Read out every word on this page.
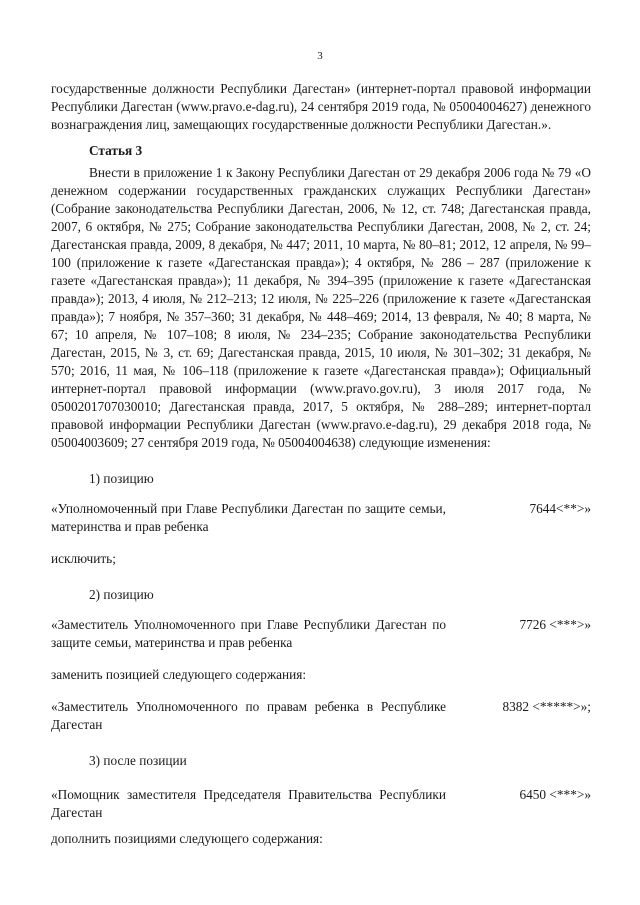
3

государственные должности Республики Дагестан» (интернет-портал правовой информации Республики Дагестан (www.pravo.e-dag.ru), 24 сентября 2019 года, № 05004004627) денежного вознаграждения лиц, замещающих государственные должности Республики Дагестан.».

Статья 3

Внести в приложение 1 к Закону Республики Дагестан от 29 декабря 2006 года № 79 «О денежном содержании государственных гражданских служащих Республики Дагестан» (Собрание законодательства Республики Дагестан, 2006, № 12, ст. 748; Дагестанская правда, 2007, 6 октября, № 275; Собрание законодательства Республики Дагестан, 2008, № 2, ст. 24; Дагестанская правда, 2009, 8 декабря, № 447; 2011, 10 марта, № 80–81; 2012, 12 апреля, № 99–100 (приложение к газете «Дагестанская правда»); 4 октября, № 286 – 287 (приложение к газете «Дагестанская правда»); 11 декабря, № 394–395 (приложение к газете «Дагестанская правда»); 2013, 4 июля, № 212–213; 12 июля, № 225–226 (приложение к газете «Дагестанская правда»); 7 ноября, № 357–360; 31 декабря, № 448–469; 2014, 13 февраля, № 40; 8 марта, № 67; 10 апреля, № 107–108; 8 июля, № 234–235; Собрание законодательства Республики Дагестан, 2015, № 3, ст. 69; Дагестанская правда, 2015, 10 июля, № 301–302; 31 декабря, № 570; 2016, 11 мая, № 106–118 (приложение к газете «Дагестанская правда»); Официальный интернет-портал правовой информации (www.pravo.gov.ru), 3 июля 2017 года, № 0500201707030010; Дагестанская правда, 2017, 5 октября, № 288–289; интернет-портал правовой информации Республики Дагестан (www.pravo.e-dag.ru), 29 декабря 2018 года, № 05004003609; 27 сентября 2019 года, № 05004004638) следующие изменения:

1) позицию
«Уполномоченный при Главе Республики Дагестан по защите семьи, материнства и прав ребенка
7644<**>»

исключить;

2) позицию
«Заместитель Уполномоченного при Главе Республики Дагестан по защите семьи, материнства и прав ребенка
7726 <***>»

заменить позицией следующего содержания:

«Заместитель Уполномоченного по правам ребенка в Республике Дагестан
8382 <*****>»;
3) после позиции
«Помощник заместителя Председателя Правительства Республики Дагестан
6450 <***>»

дополнить позициями следующего содержания:
